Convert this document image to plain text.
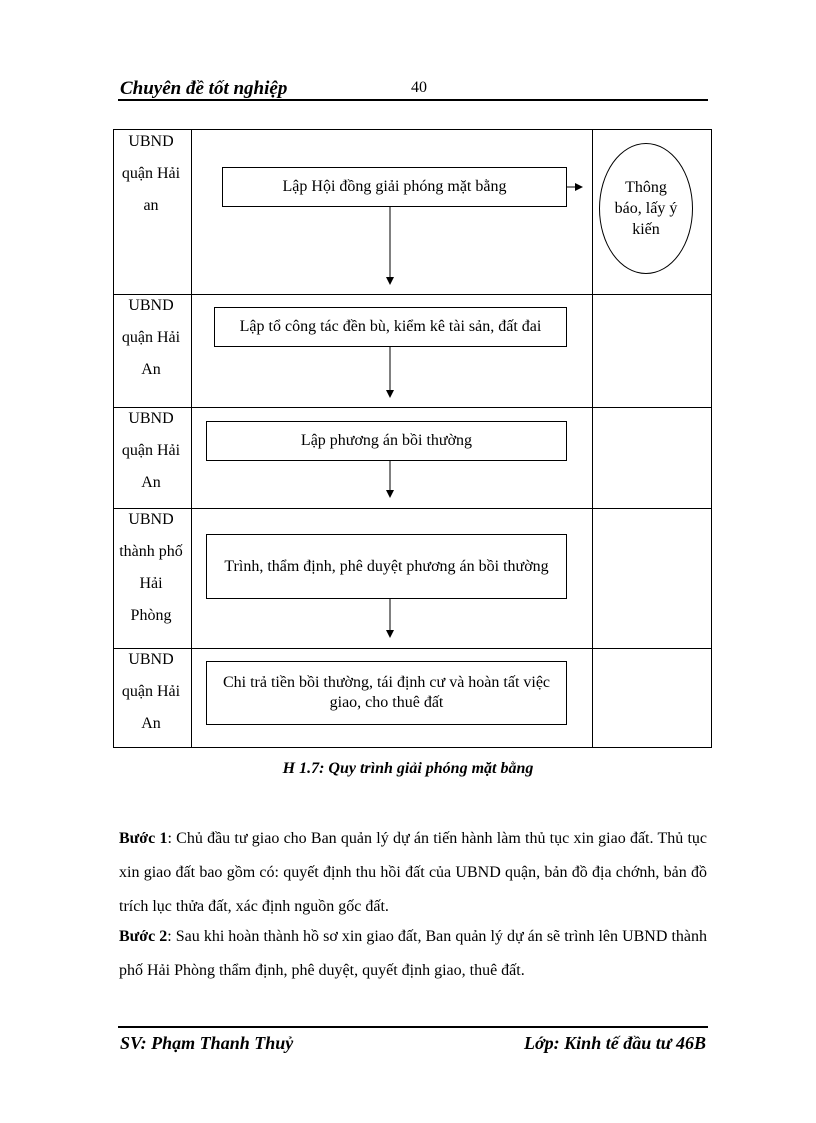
Chuyên đề tốt nghiệp	40
UBND quận Hải an
UBND quận Hải An
UBND quận Hải An
UBND thành phố Hải Phòng
UBND quận Hải An
Lập Hội đồng giải phóng mặt bằng
Lập tổ công tác đền bù, kiểm kê tài sản, đất đai
Lập phương án bồi thường
Trình, thẩm định, phê duyệt phương án bồi thường
Chi trả tiền bồi thường, tái định cư và hoàn tất việc giao, cho thuê đất
Thông báo, lấy ý kiến
H 1.7: Quy trình giải phóng mặt bằng
Bước 1: Chủ đầu tư giao cho Ban quản lý dự án tiến hành làm thủ tục xin giao đất. Thủ tục xin giao đất bao gồm có: quyết định thu hồi đất của UBND quận, bản đồ địa chớnh, bản đồ trích lục thửa đất, xác định nguồn gốc đất.
Bước 2: Sau khi hoàn thành hồ sơ xin giao đất, Ban quản lý dự án sẽ trình lên UBND thành phố Hải Phòng thẩm định, phê duyệt, quyết định giao, thuê đất.
SV: Phạm Thanh Thuỷ	Lớp: Kinh tế đầu tư 46B
